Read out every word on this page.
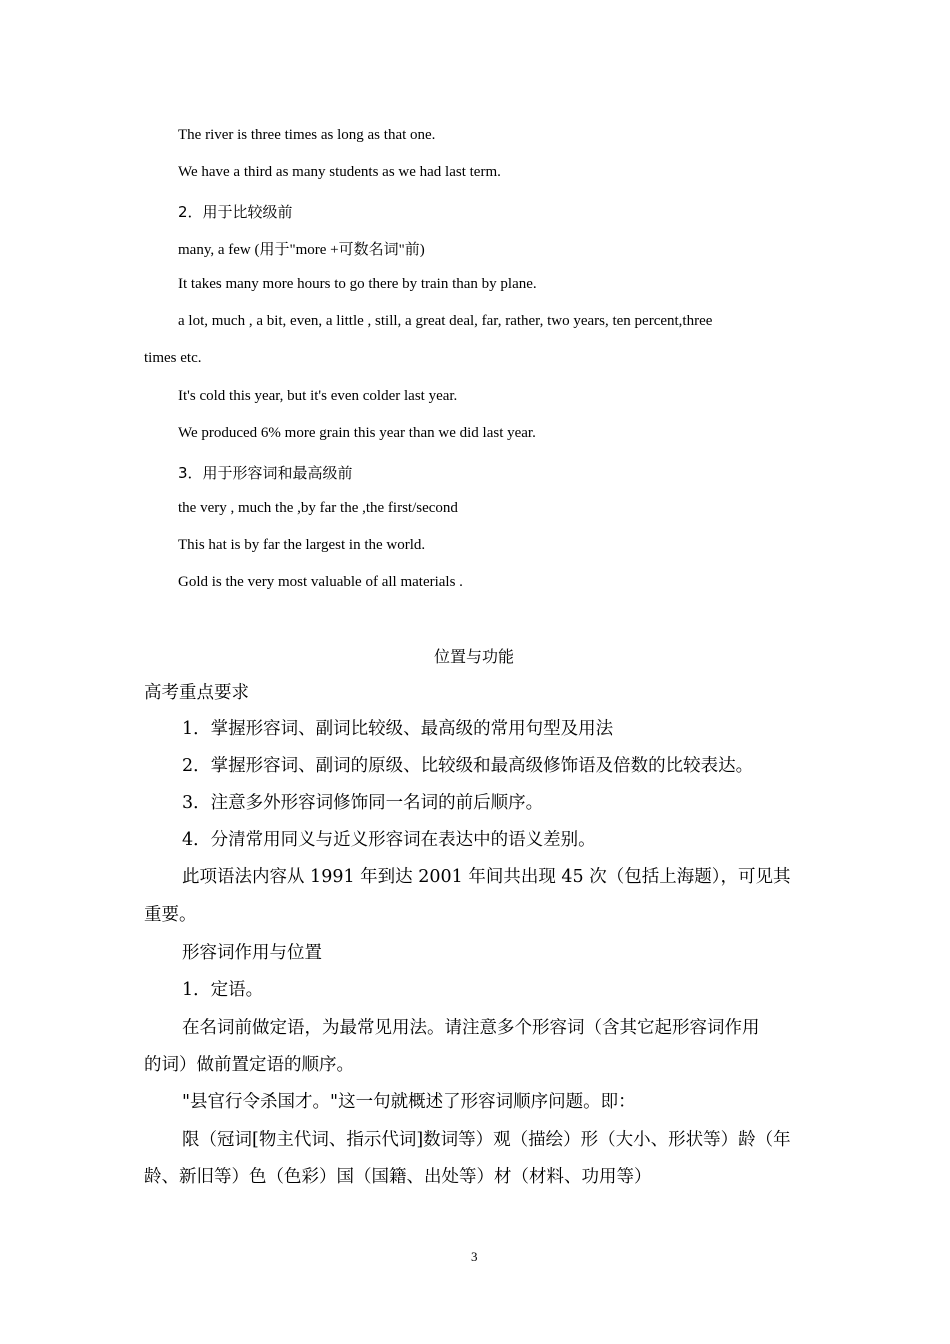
The river is three times as long as that one.

We have a third as many students as we had last term.

2．用于比较级前

many, a few (用于"more +可数名词"前)

It takes many more hours to go there by train than by plane.

a lot, much , a bit, even, a little , still, a great deal, far, rather, two years, ten percent,three

times etc.

It's cold this year, but it's even colder last year.

We produced 6% more grain this year than we did last year.

3．用于形容词和最高级前

the very , much the ,by far the ,the first/second

This hat is by far the largest in the world.

Gold is the very most valuable of all materials .

位置与功能

高考重点要求

1．掌握形容词、副词比较级、最高级的常用句型及用法

2．掌握形容词、副词的原级、比较级和最高级修饰语及倍数的比较表达。

3．注意多外形容词修饰同一名词的前后顺序。

4．分清常用同义与近义形容词在表达中的语义差别。

此项语法内容从 1991 年到达 2001 年间共出现 45 次（包括上海题），可见其

重要。

形容词作用与位置

1．定语。

在名词前做定语，为最常见用法。请注意多个形容词（含其它起形容词作用

的词）做前置定语的顺序。

"县官行令杀国才。"这一句就概述了形容词顺序问题。即：

限（冠词[物主代词、指示代词]数词等）观（描绘）形（大小、形状等）龄（年

龄、新旧等）色（色彩）国（国籍、出处等）材（材料、功用等）

3
